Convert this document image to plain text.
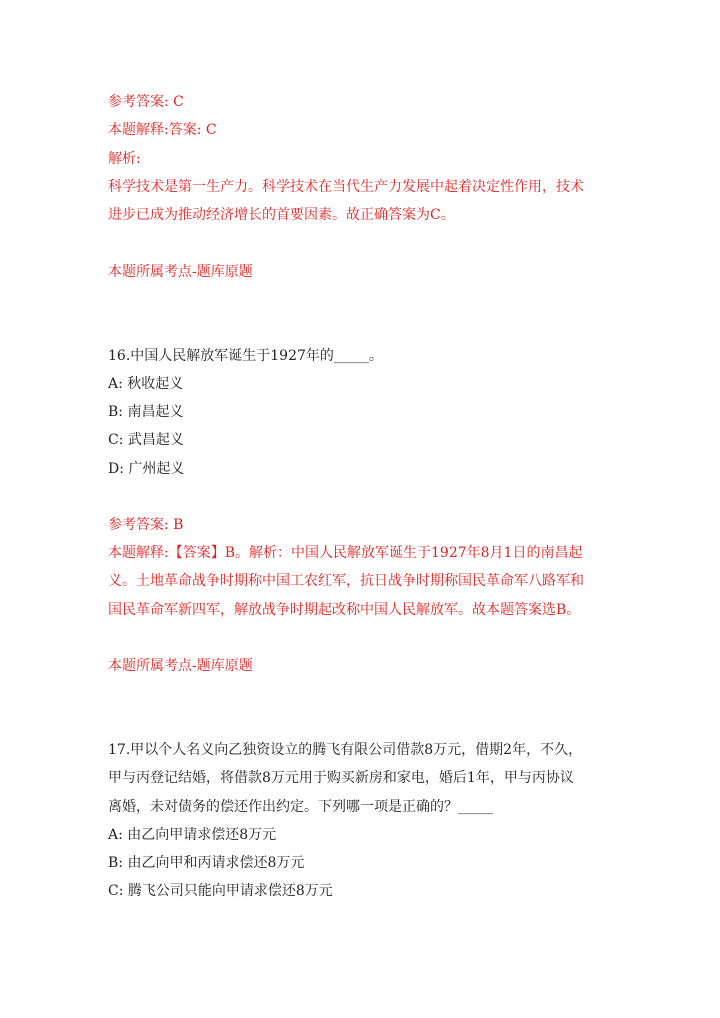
参考答案: C
本题解释:答案: C
解析:
科学技术是第一生产力。科学技术在当代生产力发展中起着决定性作用，技术
进步已成为推动经济增长的首要因素。故正确答案为C。
本题所属考点-题库原题
16.中国人民解放军诞生于1927年的_____。
A: 秋收起义
B: 南昌起义
C: 武昌起义
D: 广州起义
参考答案: B
本题解释:【答案】B。解析：中国人民解放军诞生于1927年8月1日的南昌起
义。土地革命战争时期称中国工农红军，抗日战争时期称国民革命军八路军和
国民革命军新四军，解放战争时期起改称中国人民解放军。故本题答案选B。
本题所属考点-题库原题
17.甲以个人名义向乙独资设立的腾飞有限公司借款8万元，借期2年，不久，
甲与丙登记结婚，将借款8万元用于购买新房和家电，婚后1年，甲与丙协议
离婚，未对债务的偿还作出约定。下列哪一项是正确的？_____
A: 由乙向甲请求偿还8万元
B: 由乙向甲和丙请求偿还8万元
C: 腾飞公司只能向甲请求偿还8万元
